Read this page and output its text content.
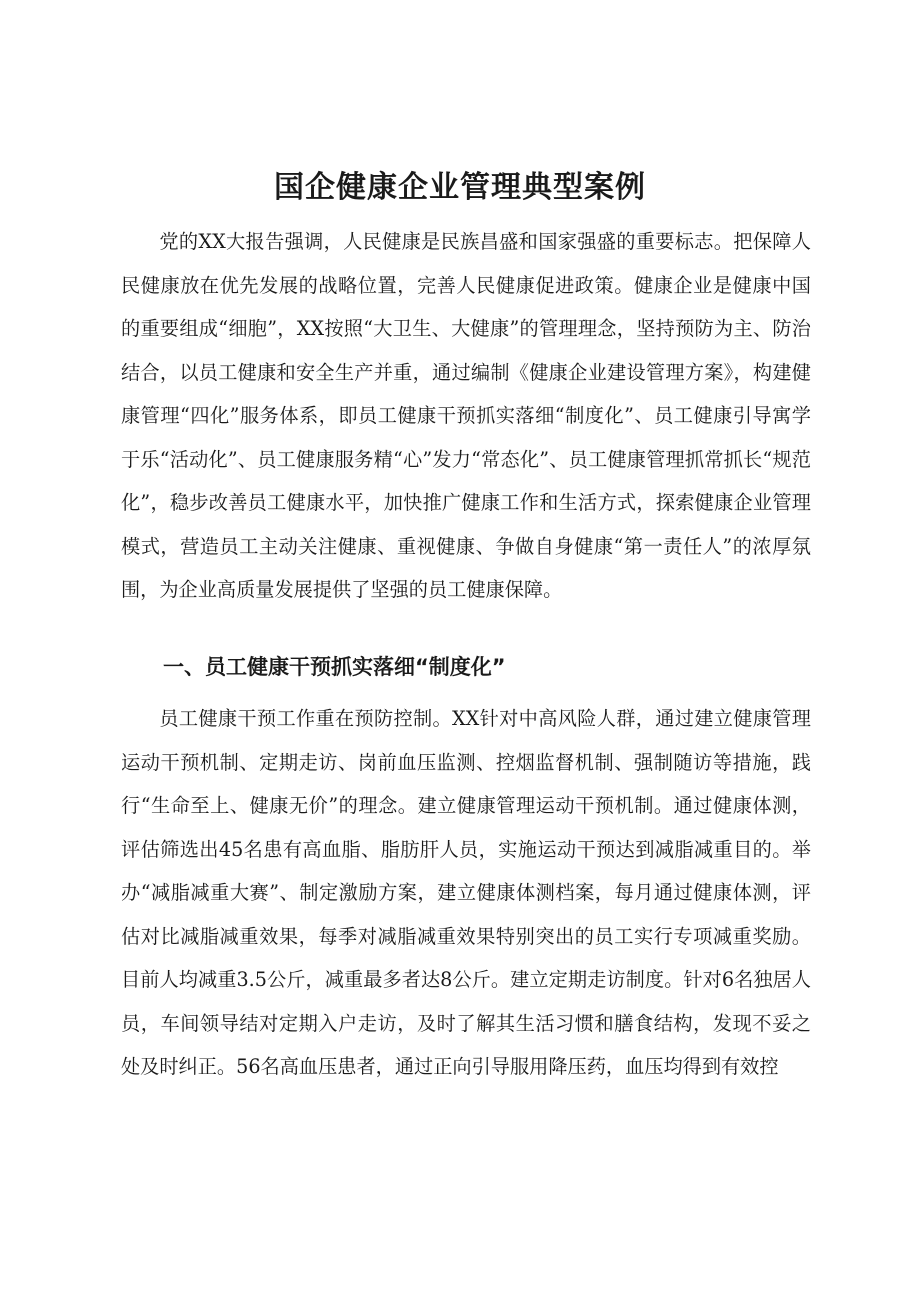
国企健康企业管理典型案例

党的XX大报告强调，人民健康是民族昌盛和国家强盛的重要标志。把保障人民健康放在优先发展的战略位置，完善人民健康促进政策。健康企业是健康中国的重要组成“细胞”，XX按照“大卫生、大健康”的管理理念，坚持预防为主、防治结合，以员工健康和安全生产并重，通过编制《健康企业建设管理方案》，构建健康管理“四化”服务体系，即员工健康干预抓实落细“制度化”、员工健康引导寓学于乐“活动化”、员工健康服务精“心”发力“常态化”、员工健康管理抓常抓长“规范化”，稳步改善员工健康水平，加快推广健康工作和生活方式，探索健康企业管理模式，营造员工主动关注健康、重视健康、争做自身健康“第一责任人”的浓厚氛围，为企业高质量发展提供了坚强的员工健康保障。

一、员工健康干预抓实落细“制度化”

员工健康干预工作重在预防控制。XX针对中高风险人群，通过建立健康管理运动干预机制、定期走访、岗前血压监测、控烟监督机制、强制随访等措施，践行“生命至上、健康无价”的理念。建立健康管理运动干预机制。通过健康体测，评估筛选出45名患有高血脂、脂肪肝人员，实施运动干预达到减脂减重目的。举办“减脂减重大赛”、制定激励方案，建立健康体测档案，每月通过健康体测，评估对比减脂减重效果，每季对减脂减重效果特别突出的员工实行专项减重奖励。目前人均减重3.5公斤，减重最多者达8公斤。建立定期走访制度。针对6名独居人员，车间领导结对定期入户走访，及时了解其生活习惯和膳食结构，发现不妥之处及时纠正。56名高血压患者，通过正向引导服用降压药，血压均得到有效控
